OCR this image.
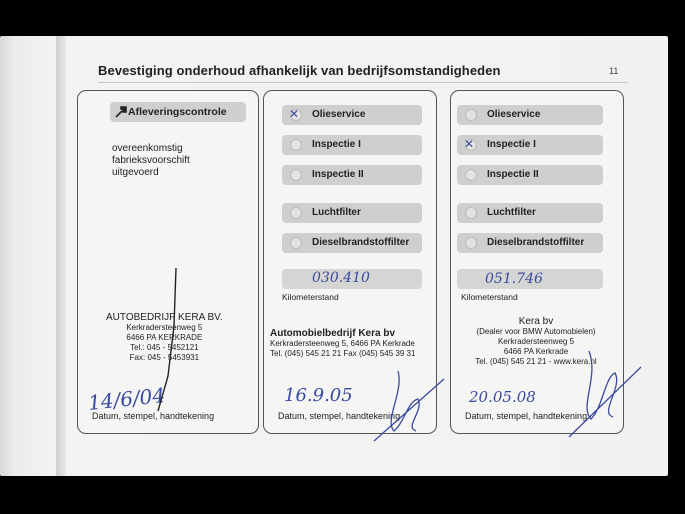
Bevestiging onderhoud afhankelijk van bedrijfsomstandigheden	11
Afleveringscontrole
overeenkomstig
fabrieksvoorschift
uitgevoerd
AUTOBEDRIJF KERA BV.
Kerkradersteenweg 5
6466 PA KERKRADE
Tel.: 045 - 5452121
Fax: 045 - 5453931
14/6/04
Datum, stempel, handtekening
✕ Olieservice
Inspectie I
Inspectie II
Luchtfilter
Dieselbrandstoffilter
030.410
Kilometerstand
Automobielbedrijf Kera bv
Kerkradersteenweg 5, 6466 PA Kerkrade
Tel. (045) 545 21 21 Fax (045) 545 39 31
16.9.05
Datum, stempel, handtekening
Olieservice
✕ Inspectie I
Inspectie II
Luchtfilter
Dieselbrandstoffilter
051.746
Kilometerstand
Kera bv
(Dealer voor BMW Automobielen)
Kerkradersteenweg 5
6466 PA Kerkrade
Tel. (045) 545 21 21 - www.kera.nl
20.05.08
Datum, stempel, handtekening
